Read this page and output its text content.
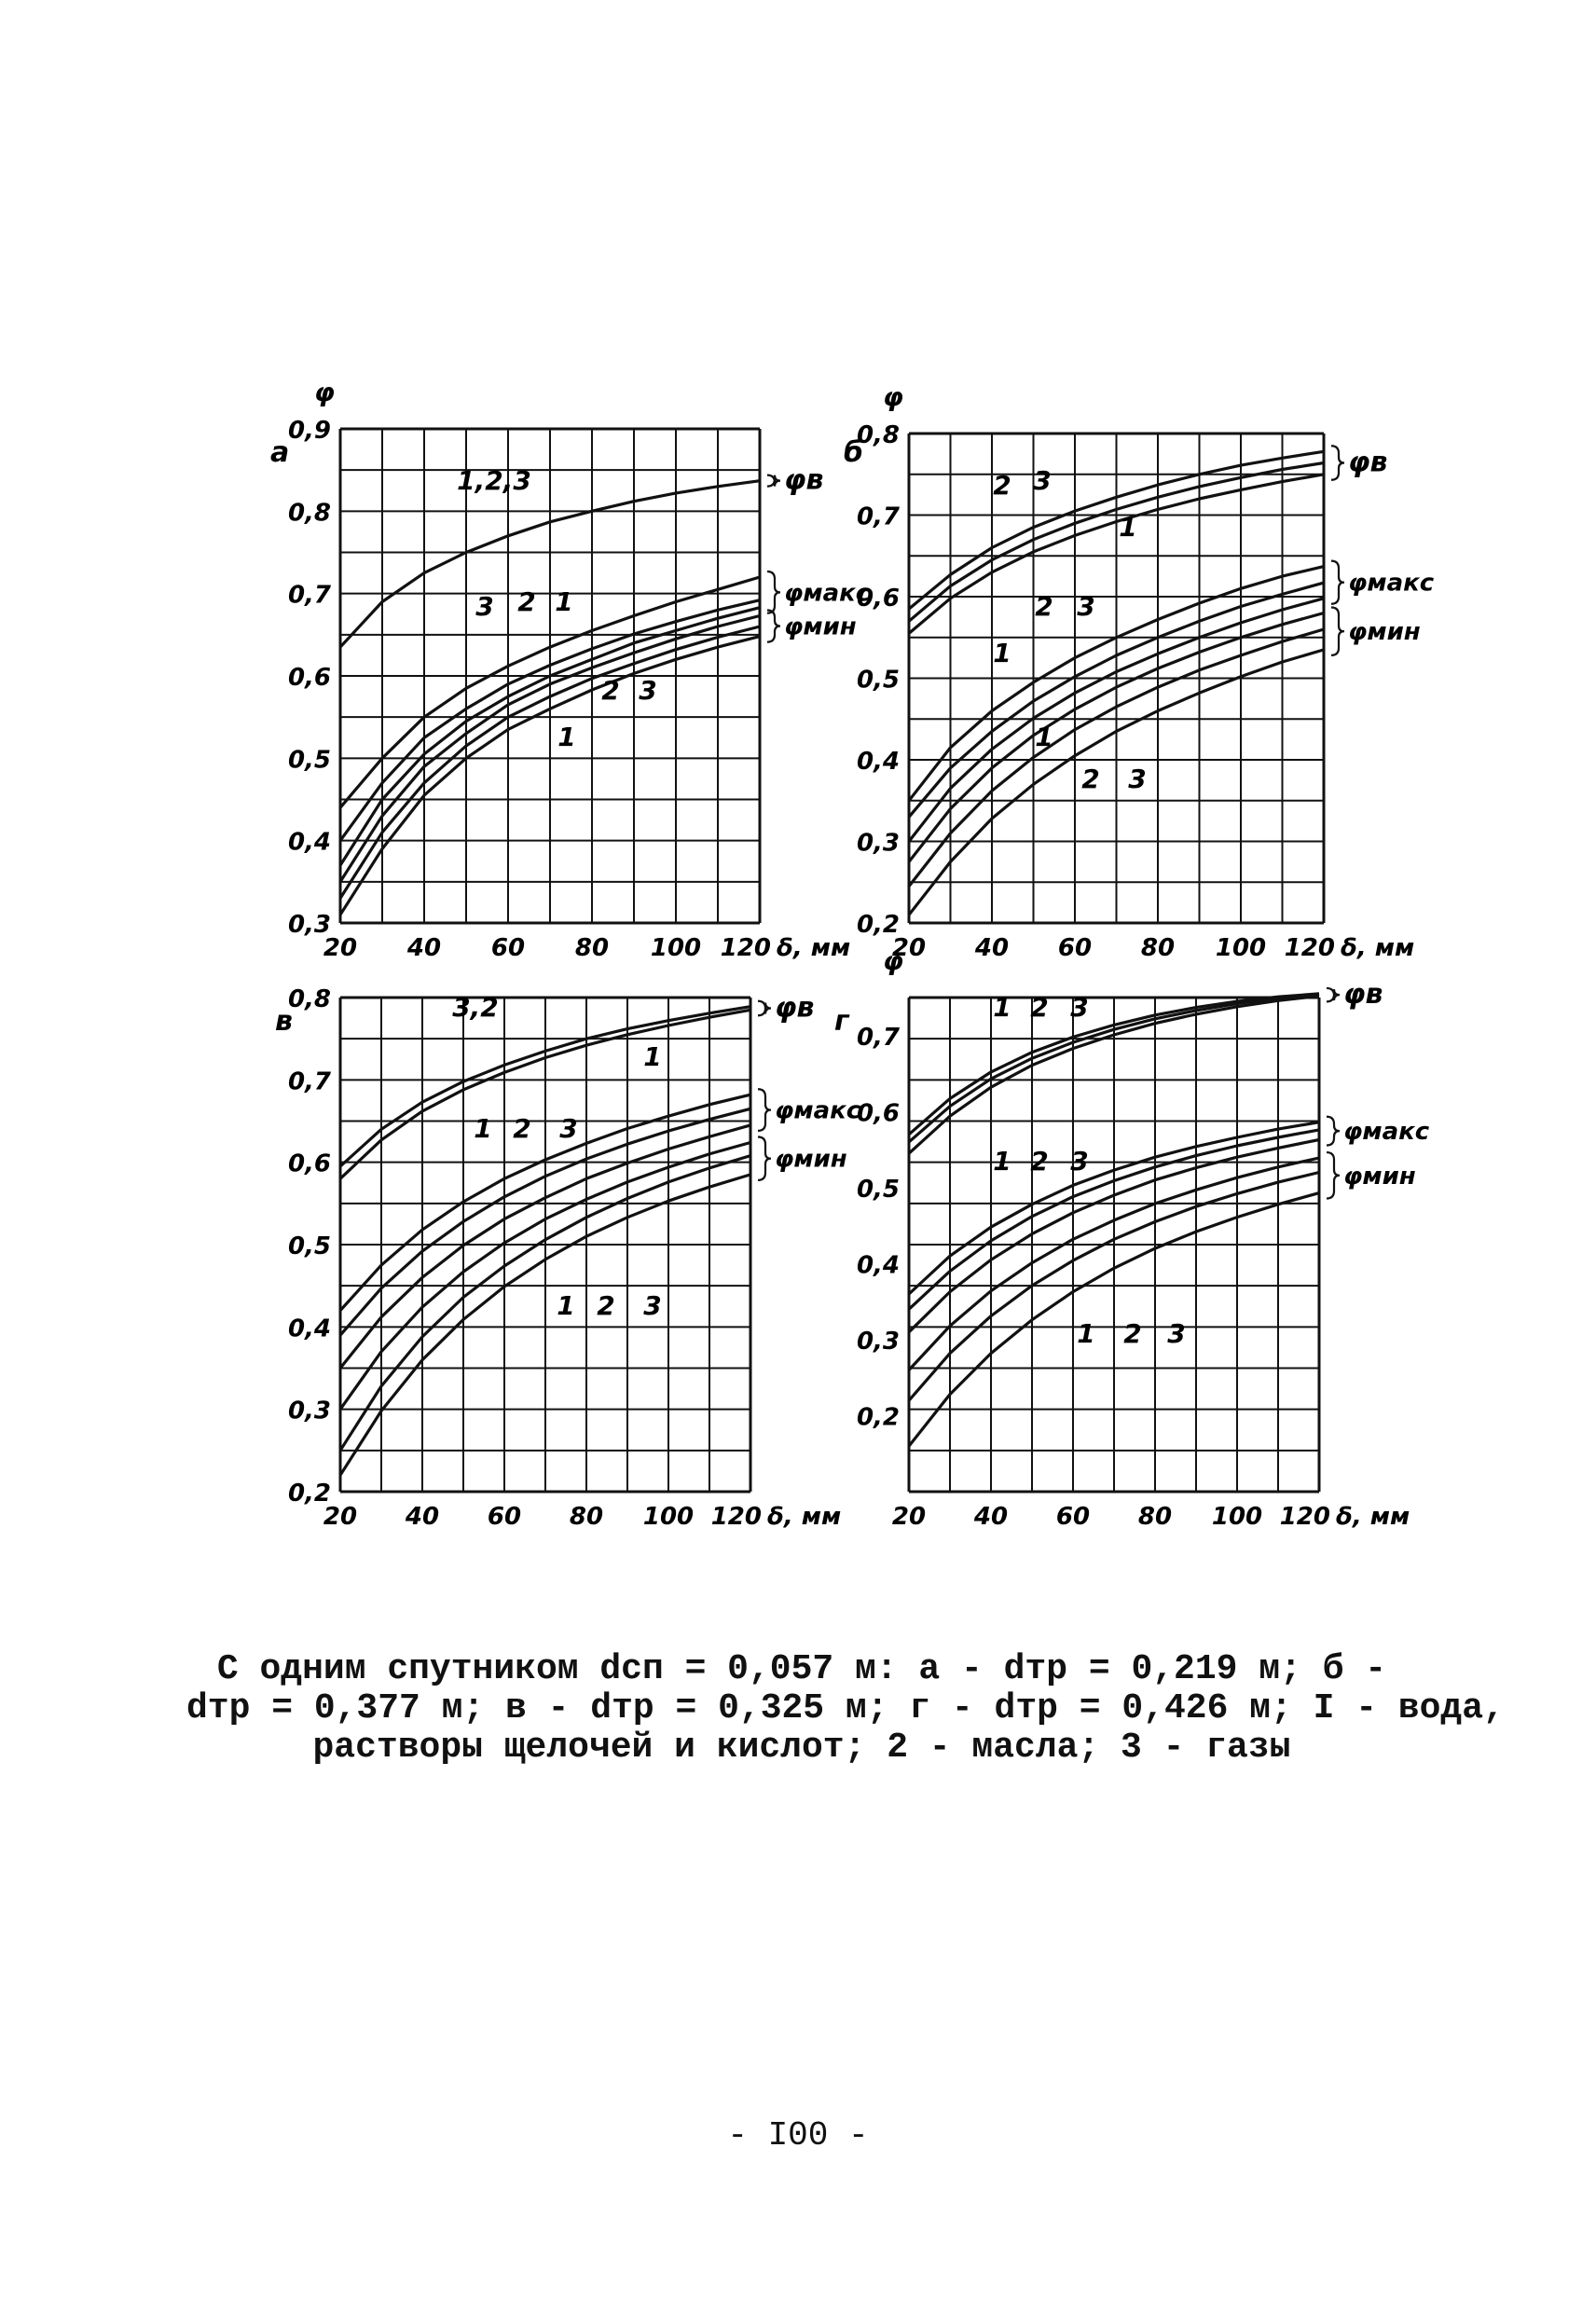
а
φ
0,3
0,4
0,5
0,6
0,7
0,8
0,9
20 40 60 80 100 120 δ, мм
φв
φмакс
φмин
1,2,3
3 2 1
2 3
1
б
φ
0,2
0,3
0,4
0,5
0,6
0,7
0,8
20 40 60 80 100 120 δ, мм
φв
φмакс
φмин
2 3
1
2 3
1
1
2 3
в
0,2
0,3
0,4
0,5
0,6
0,7
0,8
20 40 60 80 100 120 δ, мм
φв
φмакс
φмин
3,2
1
1 2 3
1 2 3
г
φ
0,2
0,3
0,4
0,5
0,6
0,7
20 40 60 80 100 120 δ, мм
φв
φмакс
φмин
1 2 3
1 2 3
1 2 3
С одним спутником dсп = 0,057 м: а - dтр = 0,219 м; б -
dтр = 0,377 м; в - dтр = 0,325 м; г - dтр = 0,426 м; I - вода,
растворы щелочей и кислот; 2 - масла; 3 - газы
- I00 -
